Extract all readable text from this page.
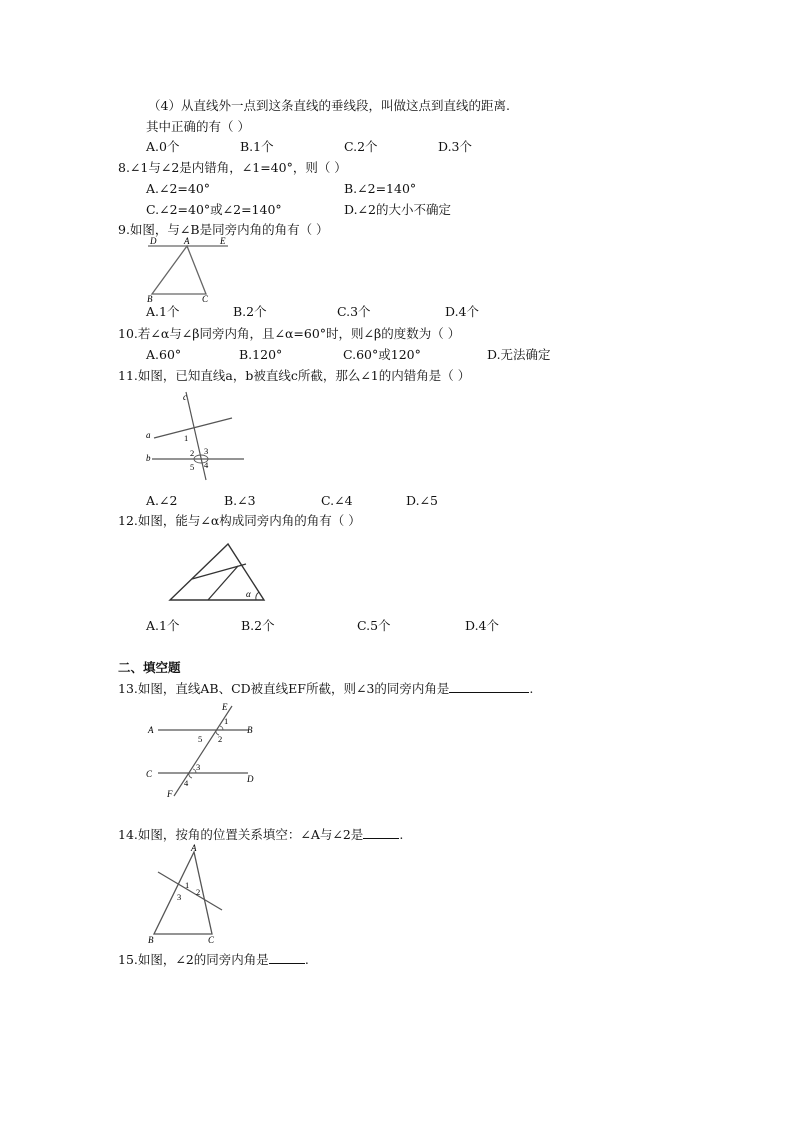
（4）从直线外一点到这条直线的垂线段，叫做这点到直线的距离.
其中正确的有（ ）
A.0个	B.1个	C.2个	D.3个
8.∠1与∠2是内错角，∠1=40°，则（ ）
A.∠2=40°	B.∠2=140°
C.∠2=40°或∠2=140°	D.∠2的大小不确定
9.如图，与∠B是同旁内角的角有（ ）
D	A	E
B	C
A.1个	B.2个	C.3个	D.4个
10.若∠α与∠β同旁内角，且∠α=60°时，则∠β的度数为（ ）
A.60°	B.120°	C.60°或120°	D.无法确定
11.如图，已知直线a，b被直线c所截，那么∠1的内错角是（ ）
c
a
b
1
2 3
4
5
A.∠2	B.∠3	C.∠4	D.∠5
12.如图，能与∠α构成同旁内角的角有（ ）
α
A.1个	B.2个	C.5个	D.4个
二、填空题
13.如图，直线AB、CD被直线EF所截，则∠3的同旁内角是	.
E
A	B
C	D
F
1
2
5
3
4
14.如图，按角的位置关系填空：∠A与∠2是	.
A
B	C
1
2
3
15.如图，∠2的同旁内角是	.
